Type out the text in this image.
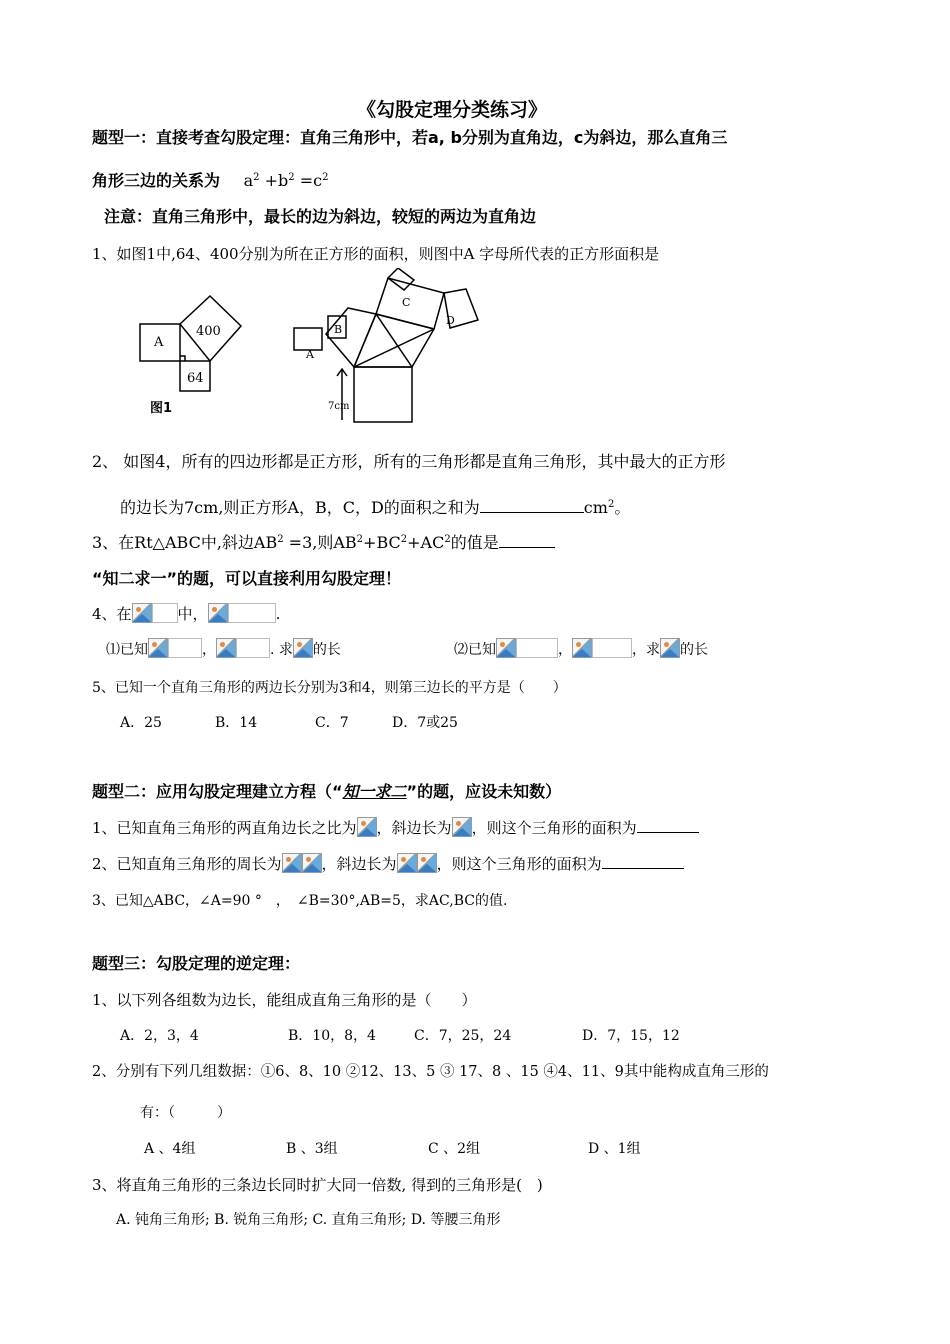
《勾股定理分类练习》
题型一：直接考查勾股定理：直角三角形中，若a, b分别为直角边，c为斜边，那么直角三
角形三边的关系为 $a^2 +b^2 =c^2$
注意：直角三角形中，最长的边为斜边，较短的两边为直角边
1、如图1中,64、400分别为所在正方形的面积，则图中A 字母所代表的正方形面积是
A
400
64
图1
A
B
C
D
7cm
2、 如图4，所有的四边形都是正方形，所有的三角形都是直角三角形，其中最大的正方形
的边长为7cm,则正方形A，B，C，D的面积之和为	$cm^2$。
3、在Rt△ABC中,斜边$AB^2 =3$,则$AB^2+BC^2+AC^2$的值是
“知二求一”的题，可以直接利用勾股定理！
4、在	中，	.
⑴已知	，	. 求 的长	⑵已知	，	，求 的长
5、已知一个直角三角形的两边长分别为3和4，则第三边长的平方是（　　）
A．25	B．14	C．7	D．7或25
题型二：应用勾股定理建立方程（“知一求二”的题，应设未知数）
1、已知直角三角形的两直角边长之比为 ，斜边长为 ，则这个三角形的面积为
2、已知直角三角形的周长为	，斜边长为	，则这个三角形的面积为
3、已知△ABC，∠A=90 °　，　∠B=30°,AB=5，求AC,BC的值.
题型三：勾股定理的逆定理：
1、以下列各组数为边长，能组成直角三角形的是（　　）
A．2，3，4	B．10，8，4	C．7，25，24	D．7，15，12
2、分别有下列几组数据：①6、8、10 ②12、13、5 ③ 17、8 、15 ④4、11、9其中能构成直角三形的
有：（　　　）
A 、4组	B 、3组	C 、2组	D 、1组
3、将直角三角形的三条边长同时扩大同一倍数, 得到的三角形是(　)
A. 钝角三角形; B. 锐角三角形; C. 直角三角形; D. 等腰三角形
